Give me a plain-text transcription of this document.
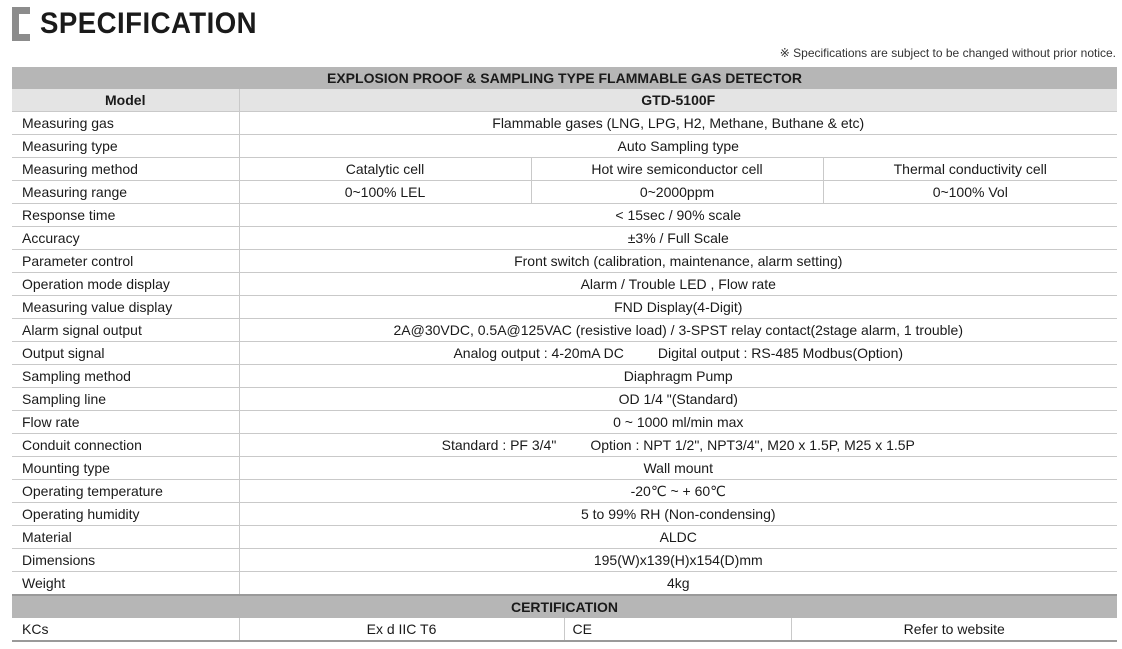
SPECIFICATION
※ Specifications are subject to be changed without prior notice.
EXPLOSION PROOF & SAMPLING TYPE FLAMMABLE GAS DETECTOR			
Model	GTD-5100F		
Measuring gas	Flammable gases (LNG, LPG, H2, Methane, Buthane & etc)		
Measuring type	Auto Sampling type		
Measuring method	Catalytic cell	Hot wire semiconductor cell	Thermal conductivity cell
Measuring range	0~100% LEL	0~2000ppm	0~100% Vol
Response time	< 15sec / 90% scale		
Accuracy	±3% / Full Scale		
Parameter control	Front switch (calibration, maintenance, alarm setting)		
Operation mode display	Alarm / Trouble LED , Flow rate		
Measuring value display	FND Display(4-Digit)		
Alarm signal output	2A@30VDC, 0.5A@125VAC (resistive load) / 3-SPST relay contact(2stage alarm, 1 trouble)		
Output signal	Analog output : 4-20mA DC Digital output : RS-485 Modbus(Option)		
Sampling method	Diaphragm Pump		
Sampling line	OD 1/4 "(Standard)		
Flow rate	0 ~ 1000 ml/min max		
Conduit connection	Standard : PF 3/4" Option : NPT 1/2", NPT3/4", M20 x 1.5P, M25 x 1.5P		
Mounting type	Wall mount		
Operating temperature	-20℃ ~ + 60℃		
Operating humidity	5 to 99% RH (Non-condensing)		
Material	ALDC		
Dimensions	195(W)x139(H)x154(D)mm		
Weight	4kg		
CERTIFICATION
KCs	Ex d IIC T6	CE	Refer to website
